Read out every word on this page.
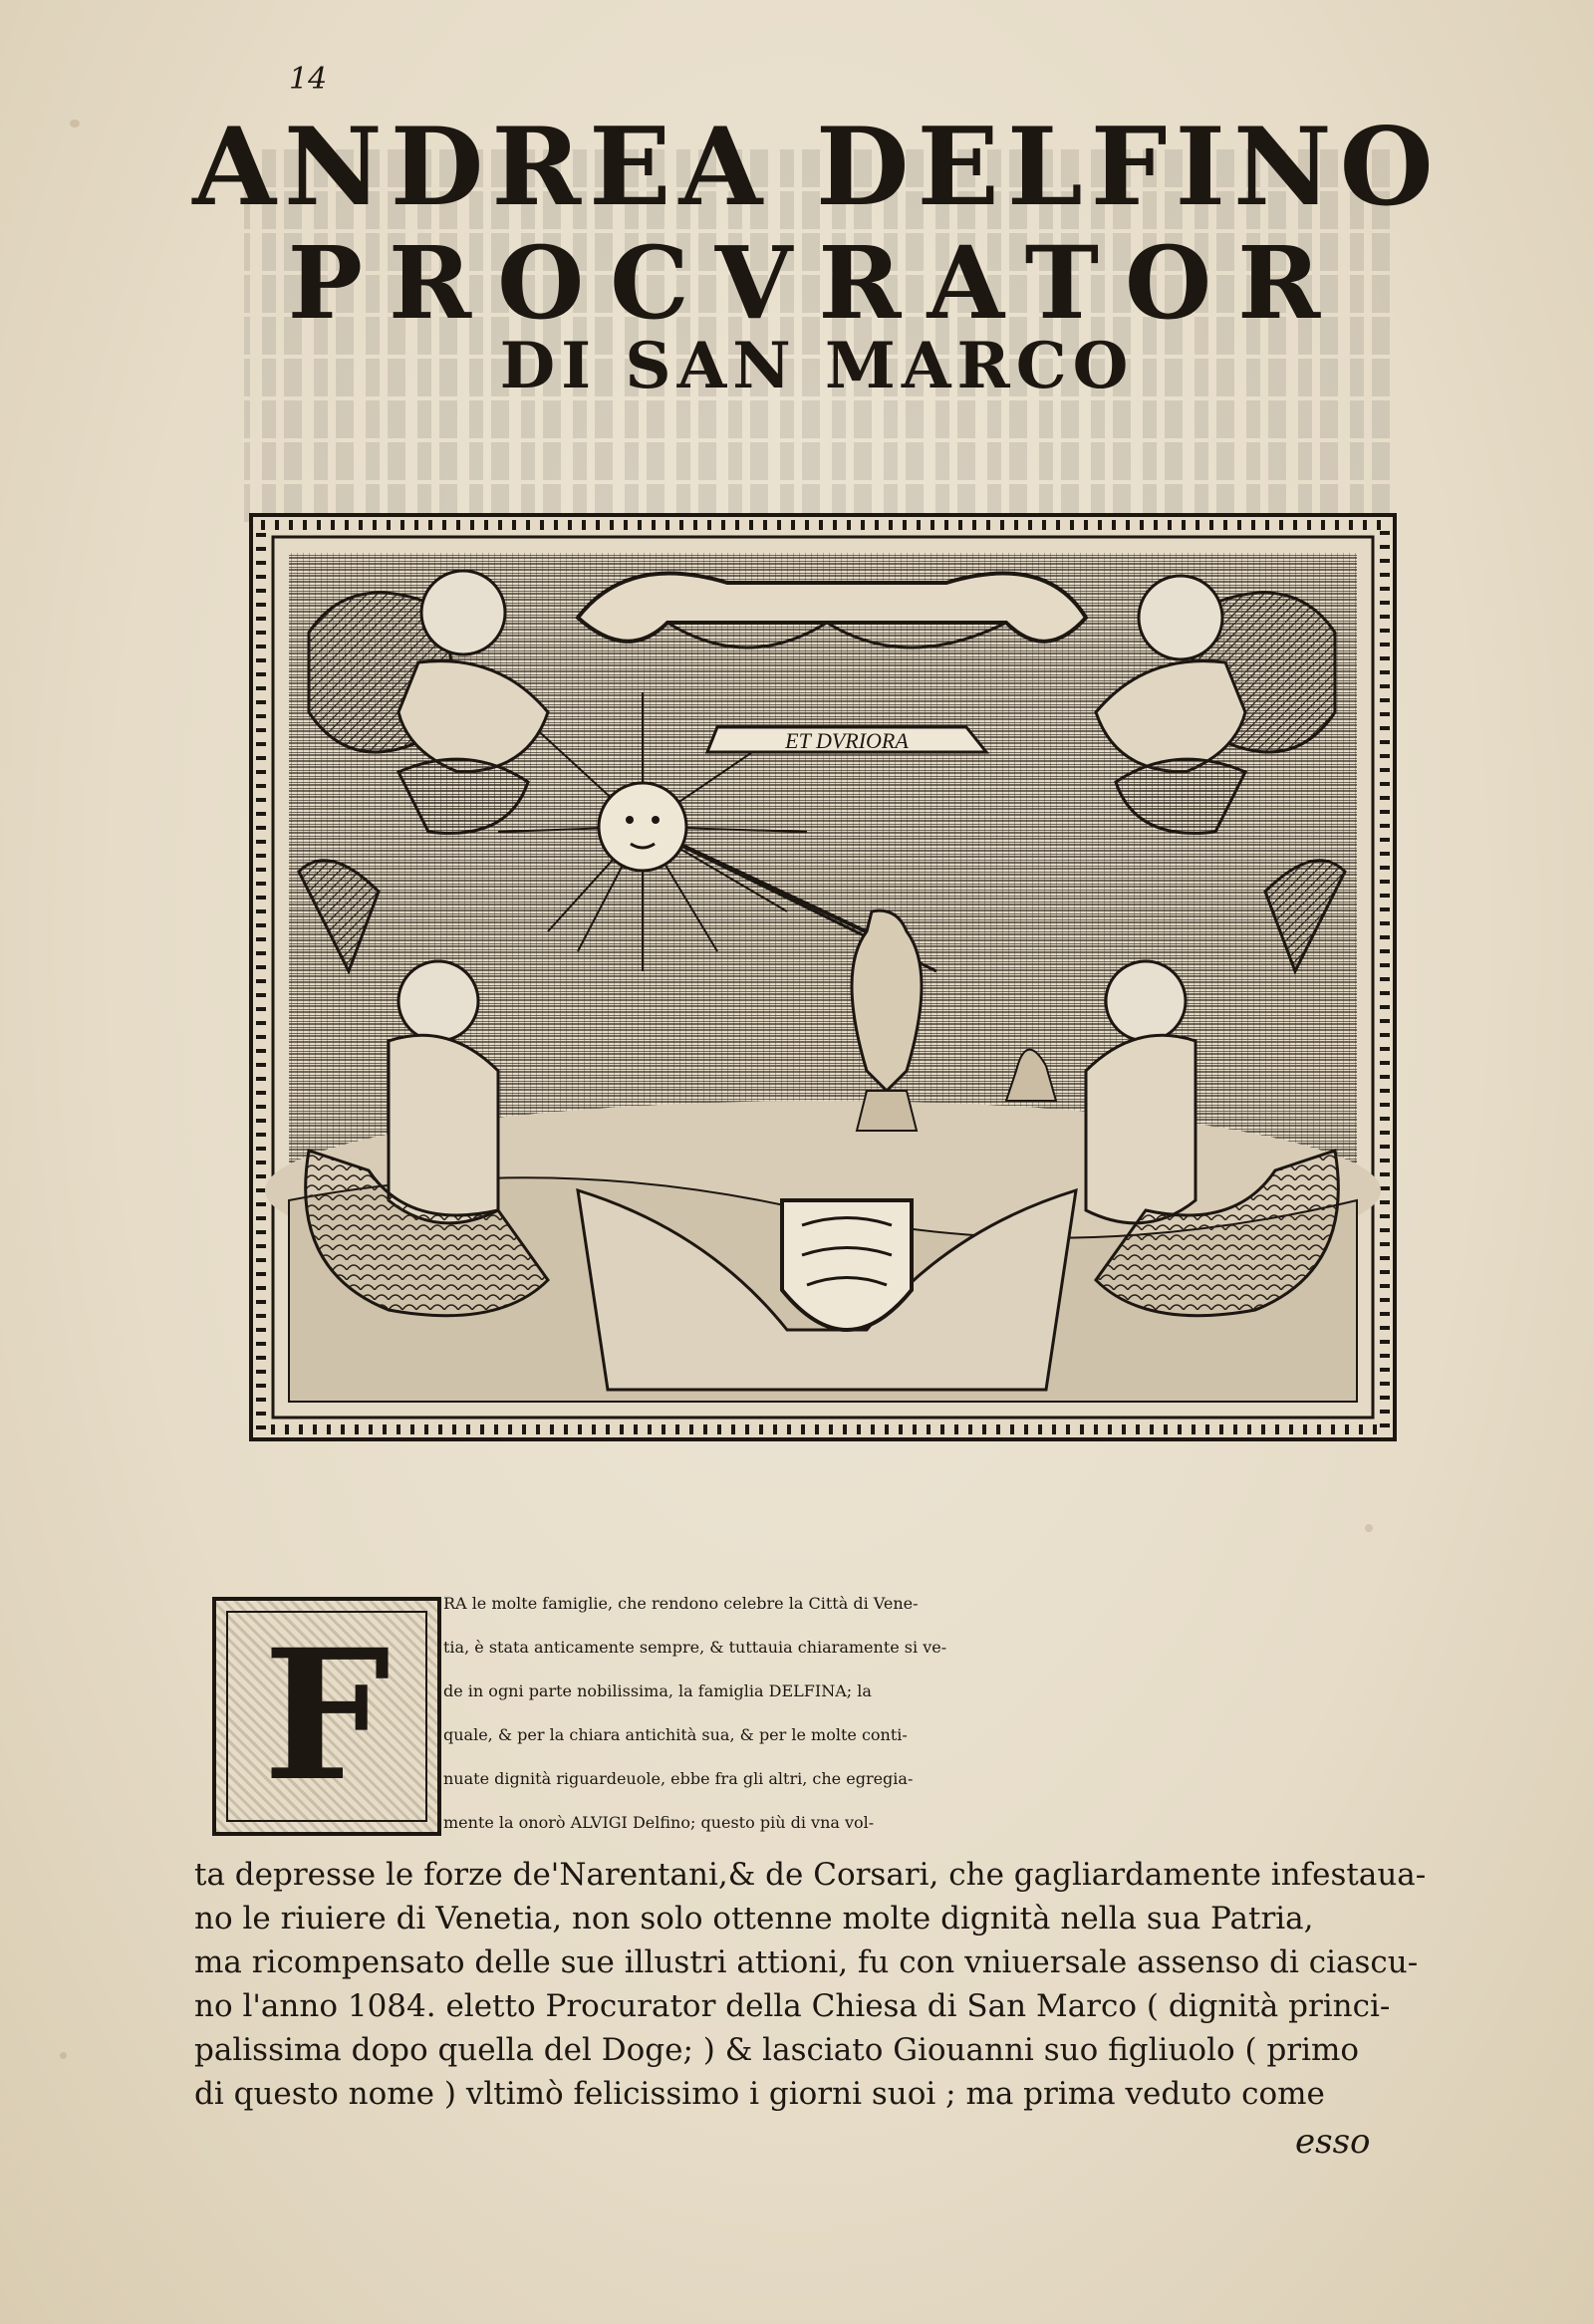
14
ANDREA DELFINO
PROCVRATOR
DI SAN MARCO
ET DVRIORA
F
RA le molte famiglie, che rendono celebre la Città di Vene-
tia, è stata anticamente sempre, & tuttauia chiaramente si ve-
de in ogni parte nobilissima, la famiglia DELFINA; la
quale, & per la chiara antichità sua, & per le molte conti-
nuate dignità riguardeuole, ebbe fra gli altri, che egregia-
mente la onorò ALVIGI Delfino; questo più di vna vol-
ta depresse le forze de'Narentani,& de Corsari, che gagliardamente infestaua-
no le riuiere di Venetia, non solo ottenne molte dignità nella sua Patria,
ma ricompensato delle sue illustri attioni, fu con vniuersale assenso di ciascu-
no l'anno 1084. eletto Procurator della Chiesa di San Marco ( dignità princi-
palissima dopo quella del Doge; ) & lasciato Giouanni suo figliuolo ( primo
di questo nome ) vltimò felicissimo i giorni suoi ; ma prima veduto come
esso
